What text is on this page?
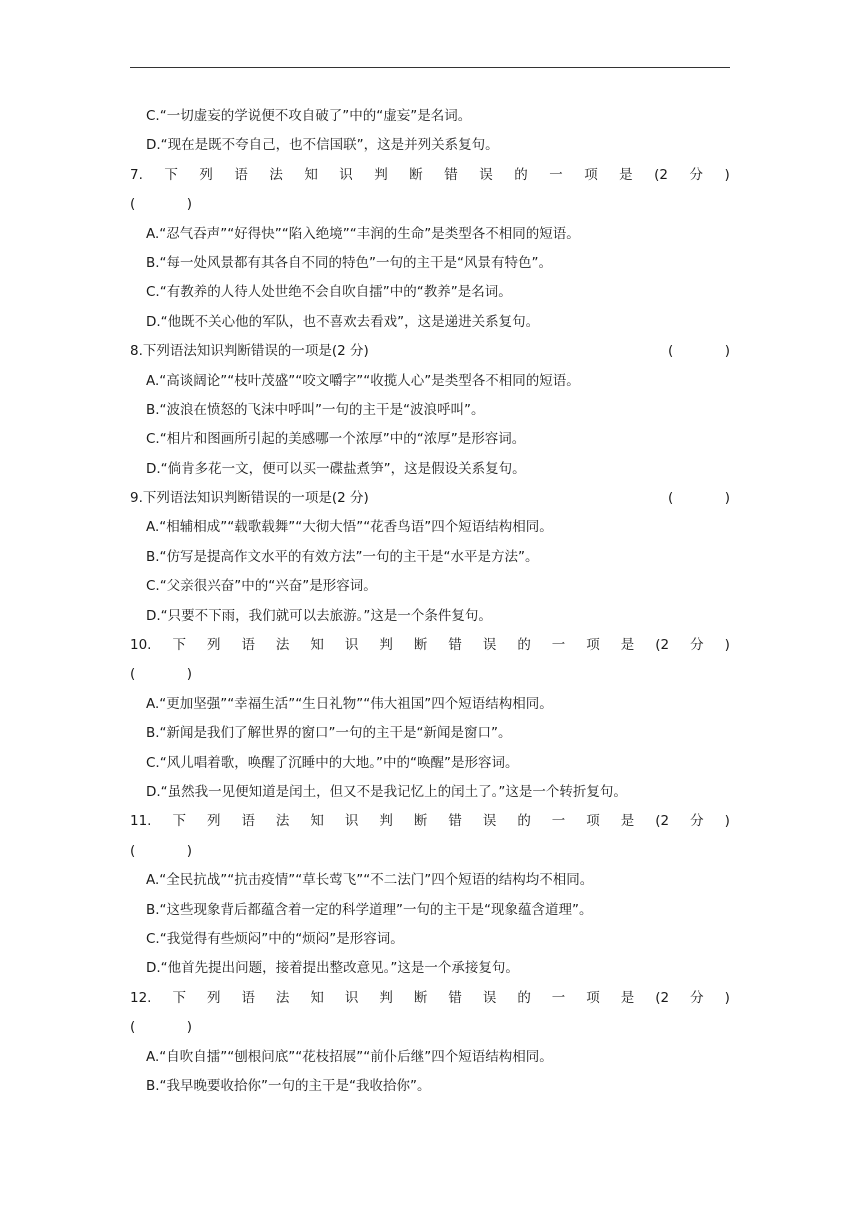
C.“一切虚妄的学说便不攻自破了”中的“虚妄”是名词。
D.“现在是既不夸自己，也不信国联”，这是并列关系复句。
7. 下 列 语 法 知 识 判 断 错 误 的 一 项 是 (2 分 )
(            )
A.“忍气吞声”“好得快”“陷入绝境”“丰润的生命”是类型各不相同的短语。
B.“每一处风景都有其各自不同的特色”一句的主干是“风景有特色”。
C.“有教养的人待人处世绝不会自吹自擂”中的“教养”是名词。
D.“他既不关心他的军队，也不喜欢去看戏”，这是递进关系复句。
8.下列语法知识判断错误的一项是(2 分)	(            )
A.“高谈阔论”“枝叶茂盛”“咬文嚼字”“收揽人心”是类型各不相同的短语。
B.“波浪在愤怒的飞沫中呼叫”一句的主干是“波浪呼叫”。
C.“相片和图画所引起的美感哪一个浓厚”中的“浓厚”是形容词。
D.“倘肯多花一文，便可以买一碟盐煮笋”，这是假设关系复句。
9.下列语法知识判断错误的一项是(2 分)	(            )
A.“相辅相成”“载歌载舞”“大彻大悟”“花香鸟语”四个短语结构相同。
B.“仿写是提高作文水平的有效方法”一句的主干是“水平是方法”。
C.“父亲很兴奋”中的“兴奋”是形容词。
D.“只要不下雨，我们就可以去旅游。”这是一个条件复句。
10. 下 列 语 法 知 识 判 断 错 误 的 一 项 是 (2 分 )
(            )
A.“更加坚强”“幸福生活”“生日礼物”“伟大祖国”四个短语结构相同。
B.“新闻是我们了解世界的窗口”一句的主干是“新闻是窗口”。
C.“风儿唱着歌，唤醒了沉睡中的大地。”中的“唤醒”是形容词。
D.“虽然我一见便知道是闰土，但又不是我记忆上的闰土了。”这是一个转折复句。
11. 下 列 语 法 知 识 判 断 错 误 的 一 项 是 (2 分 )
(            )
A.“全民抗战”“抗击疫情”“草长莺飞”“不二法门”四个短语的结构均不相同。
B.“这些现象背后都蕴含着一定的科学道理”一句的主干是“现象蕴含道理”。
C.“我觉得有些烦闷”中的“烦闷”是形容词。
D.“他首先提出问题，接着提出整改意见。”这是一个承接复句。
12. 下 列 语 法 知 识 判 断 错 误 的 一 项 是 (2 分 )
(            )
A.“自吹自擂”“刨根问底”“花枝招展”“前仆后继”四个短语结构相同。
B.“我早晚要收拾你”一句的主干是“我收拾你”。
